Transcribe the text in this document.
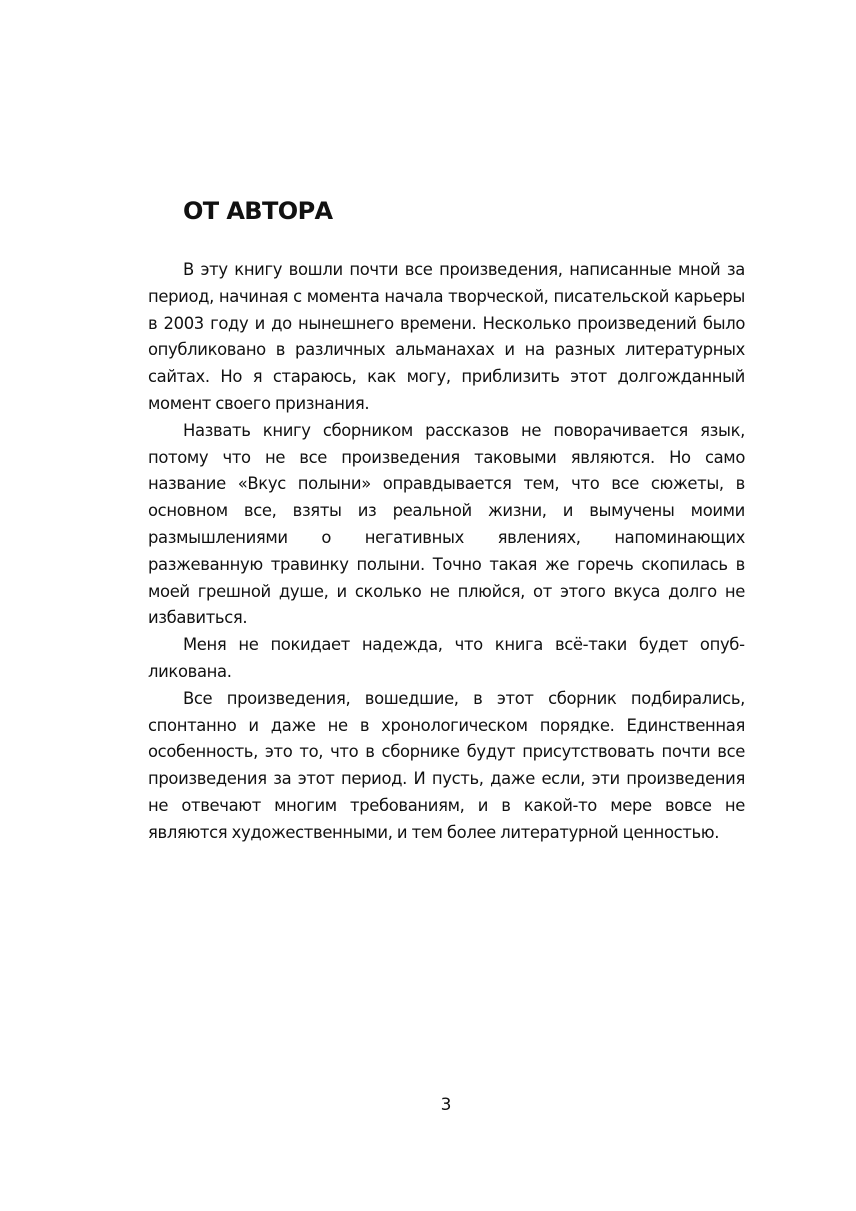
ОТ АВТОРА

В эту книгу вошли почти все произведения, написанные мной за период, начиная с момента начала творческой, писательской карьеры в 2003 году и до нынешнего времени. Несколько произведений было опубликовано в различных альманахах и на разных литературных сайтах. Но я стараюсь, как могу, приблизить этот долгожданный момент своего признания.

Назвать книгу сборником рассказов не поворачивается язык, потому что не все произведения таковыми являются. Но само название «Вкус полыни» оправдывается тем, что все сюжеты, в основном все, взяты из реальной жизни, и вымучены моими размышлениями о негативных явлениях, напоминающих разжеванную травинку полыни. Точно такая же горечь скопилась в моей грешной душе, и сколько не плюйся, от этого вкуса долго не избавиться.

Меня не покидает надежда, что книга всё-таки будет опубликована.

Все произведения, вошедшие, в этот сборник подбирались, спонтанно и даже не в хронологическом порядке. Единственная особенность, это то, что в сборнике будут присутствовать почти все произведения за этот период. И пусть, даже если, эти произведения не отвечают многим требованиям, и в какой-то мере вовсе не являются художественными, и тем более литературной ценностью.

3
